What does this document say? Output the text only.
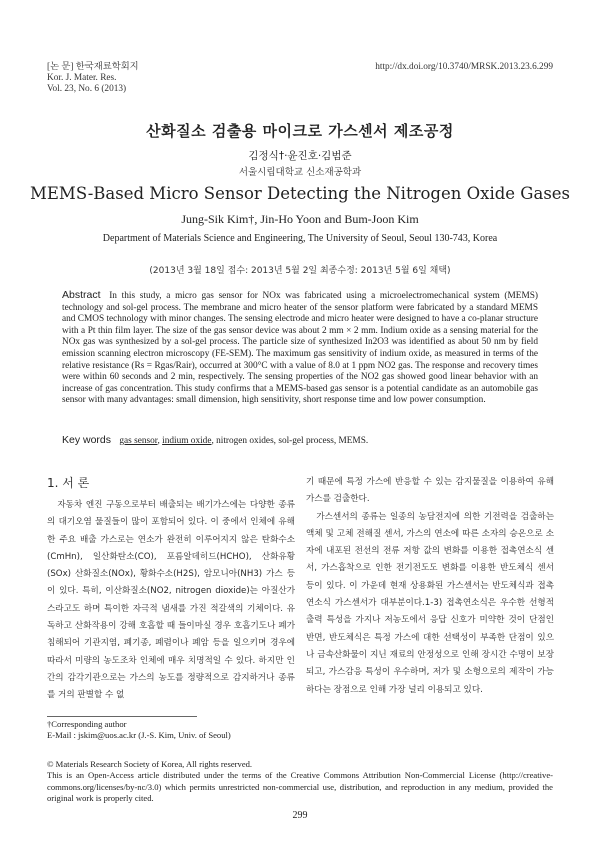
[논 문] 한국재료학회지
Kor. J. Mater. Res.
Vol. 23, No. 6 (2013)
http://dx.doi.org/10.3740/MRSK.2013.23.6.299
산화질소 검출용 마이크로 가스센서 제조공정
김정식†·윤진호·김범준
서울시립대학교 신소재공학과
MEMS-Based Micro Sensor Detecting the Nitrogen Oxide Gases
Jung-Sik Kim†, Jin-Ho Yoon and Bum-Joon Kim
Department of Materials Science and Engineering, The University of Seoul, Seoul 130-743, Korea
(2013년 3월 18일 접수: 2013년 5월 2일 최종수정: 2013년 5월 6일 채택)
Abstract In this study, a micro gas sensor for NOx was fabricated using a microelectromechanical system (MEMS) technology and sol-gel process. The membrane and micro heater of the sensor platform were fabricated by a standard MEMS and CMOS technology with minor changes. The sensing electrode and micro heater were designed to have a co-planar structure with a Pt thin film layer. The size of the gas sensor device was about 2 mm × 2 mm. Indium oxide as a sensing material for the NOx gas was synthesized by a sol-gel process. The particle size of synthesized In2O3 was identified as about 50 nm by field emission scanning electron microscopy (FE-SEM). The maximum gas sensitivity of indium oxide, as measured in terms of the relative resistance (Rs = Rgas/Rair), occurred at 300°C with a value of 8.0 at 1 ppm NO2 gas. The response and recovery times were within 60 seconds and 2 min, respectively. The sensing properties of the NO2 gas showed good linear behavior with an increase of gas concentration. This study confirms that a MEMS-based gas sensor is a potential candidate as an automobile gas sensor with many advantages: small dimension, high sensitivity, short response time and low power consumption.
Key words gas sensor, indium oxide, nitrogen oxides, sol-gel process, MEMS.
1. 서 론

자동차 엔진 구동으로부터 배출되는 배기가스에는 다양한 종류의 대기오염 물질들이 많이 포함되어 있다. 이 중에서 인체에 유해한 주요 배출 가스로는 연소가 완전히 이루어지지 않은 탄화수소(CmHn), 일산화탄소(CO), 포름알데히드(HCHO), 산화유황(SOx) 산화질소(NOx), 황화수소(H2S), 암모니아(NH3) 가스 등이 있다. 특히, 이산화질소(NO2, nitrogen dioxide)는 아질산가스라고도 하며 특이한 자극적 냄새를 가진 적갈색의 기체이다. 유독하고 산화작용이 강해 호흡할 때 들이마실 경우 호흡기도나 폐가 침해되어 기관지염, 폐기종, 폐렴이나 폐암 등을 일으키며 경우에 따라서 미량의 농도조차 인체에 매우 치명적일 수 있다. 하지만 인간의 감각기관으로는 가스의 농도를 정량적으로 감지하거나 종류를 거의 판별할 수 없

기 때문에 특정 가스에 반응할 수 있는 감지물질을 이용하여 유해가스를 검출한다.

가스센서의 종류는 일종의 농담전지에 의한 기전력을 검출하는 액체 및 고체 전해질 센서, 가스의 연소에 따른 소자의 승온으로 소자에 내포된 전선의 전류 저항 값의 변화를 이용한 접촉연소식 센서, 가스흡착으로 인한 전기전도도 변화를 이용한 반도체식 센서 등이 있다. 이 가운데 현재 상용화된 가스센서는 반도체식과 접촉연소식 가스센서가 대부분이다.1-3) 접촉연소식은 우수한 선형적 출력 특성을 가지나 저농도에서 응답 신호가 미약한 것이 단점인 반면, 반도체식은 특정 가스에 대한 선택성이 부족한 단점이 있으나 금속산화물이 지닌 재료의 안정성으로 인해 장시간 수명이 보장되고, 가스감응 특성이 우수하며, 저가 및 소형으로의 제작이 가능하다는 장점으로 인해 가장 널리 이용되고 있다.

†Corresponding author
E-Mail : jskim@uos.ac.kr (J.-S. Kim, Univ. of Seoul)
© Materials Research Society of Korea, All rights reserved.
This is an Open-Access article distributed under the terms of the Creative Commons Attribution Non-Commercial License (http://creative-commons.org/licenses/by-nc/3.0) which permits unrestricted non-commercial use, distribution, and reproduction in any medium, provided the original work is properly cited.
299
